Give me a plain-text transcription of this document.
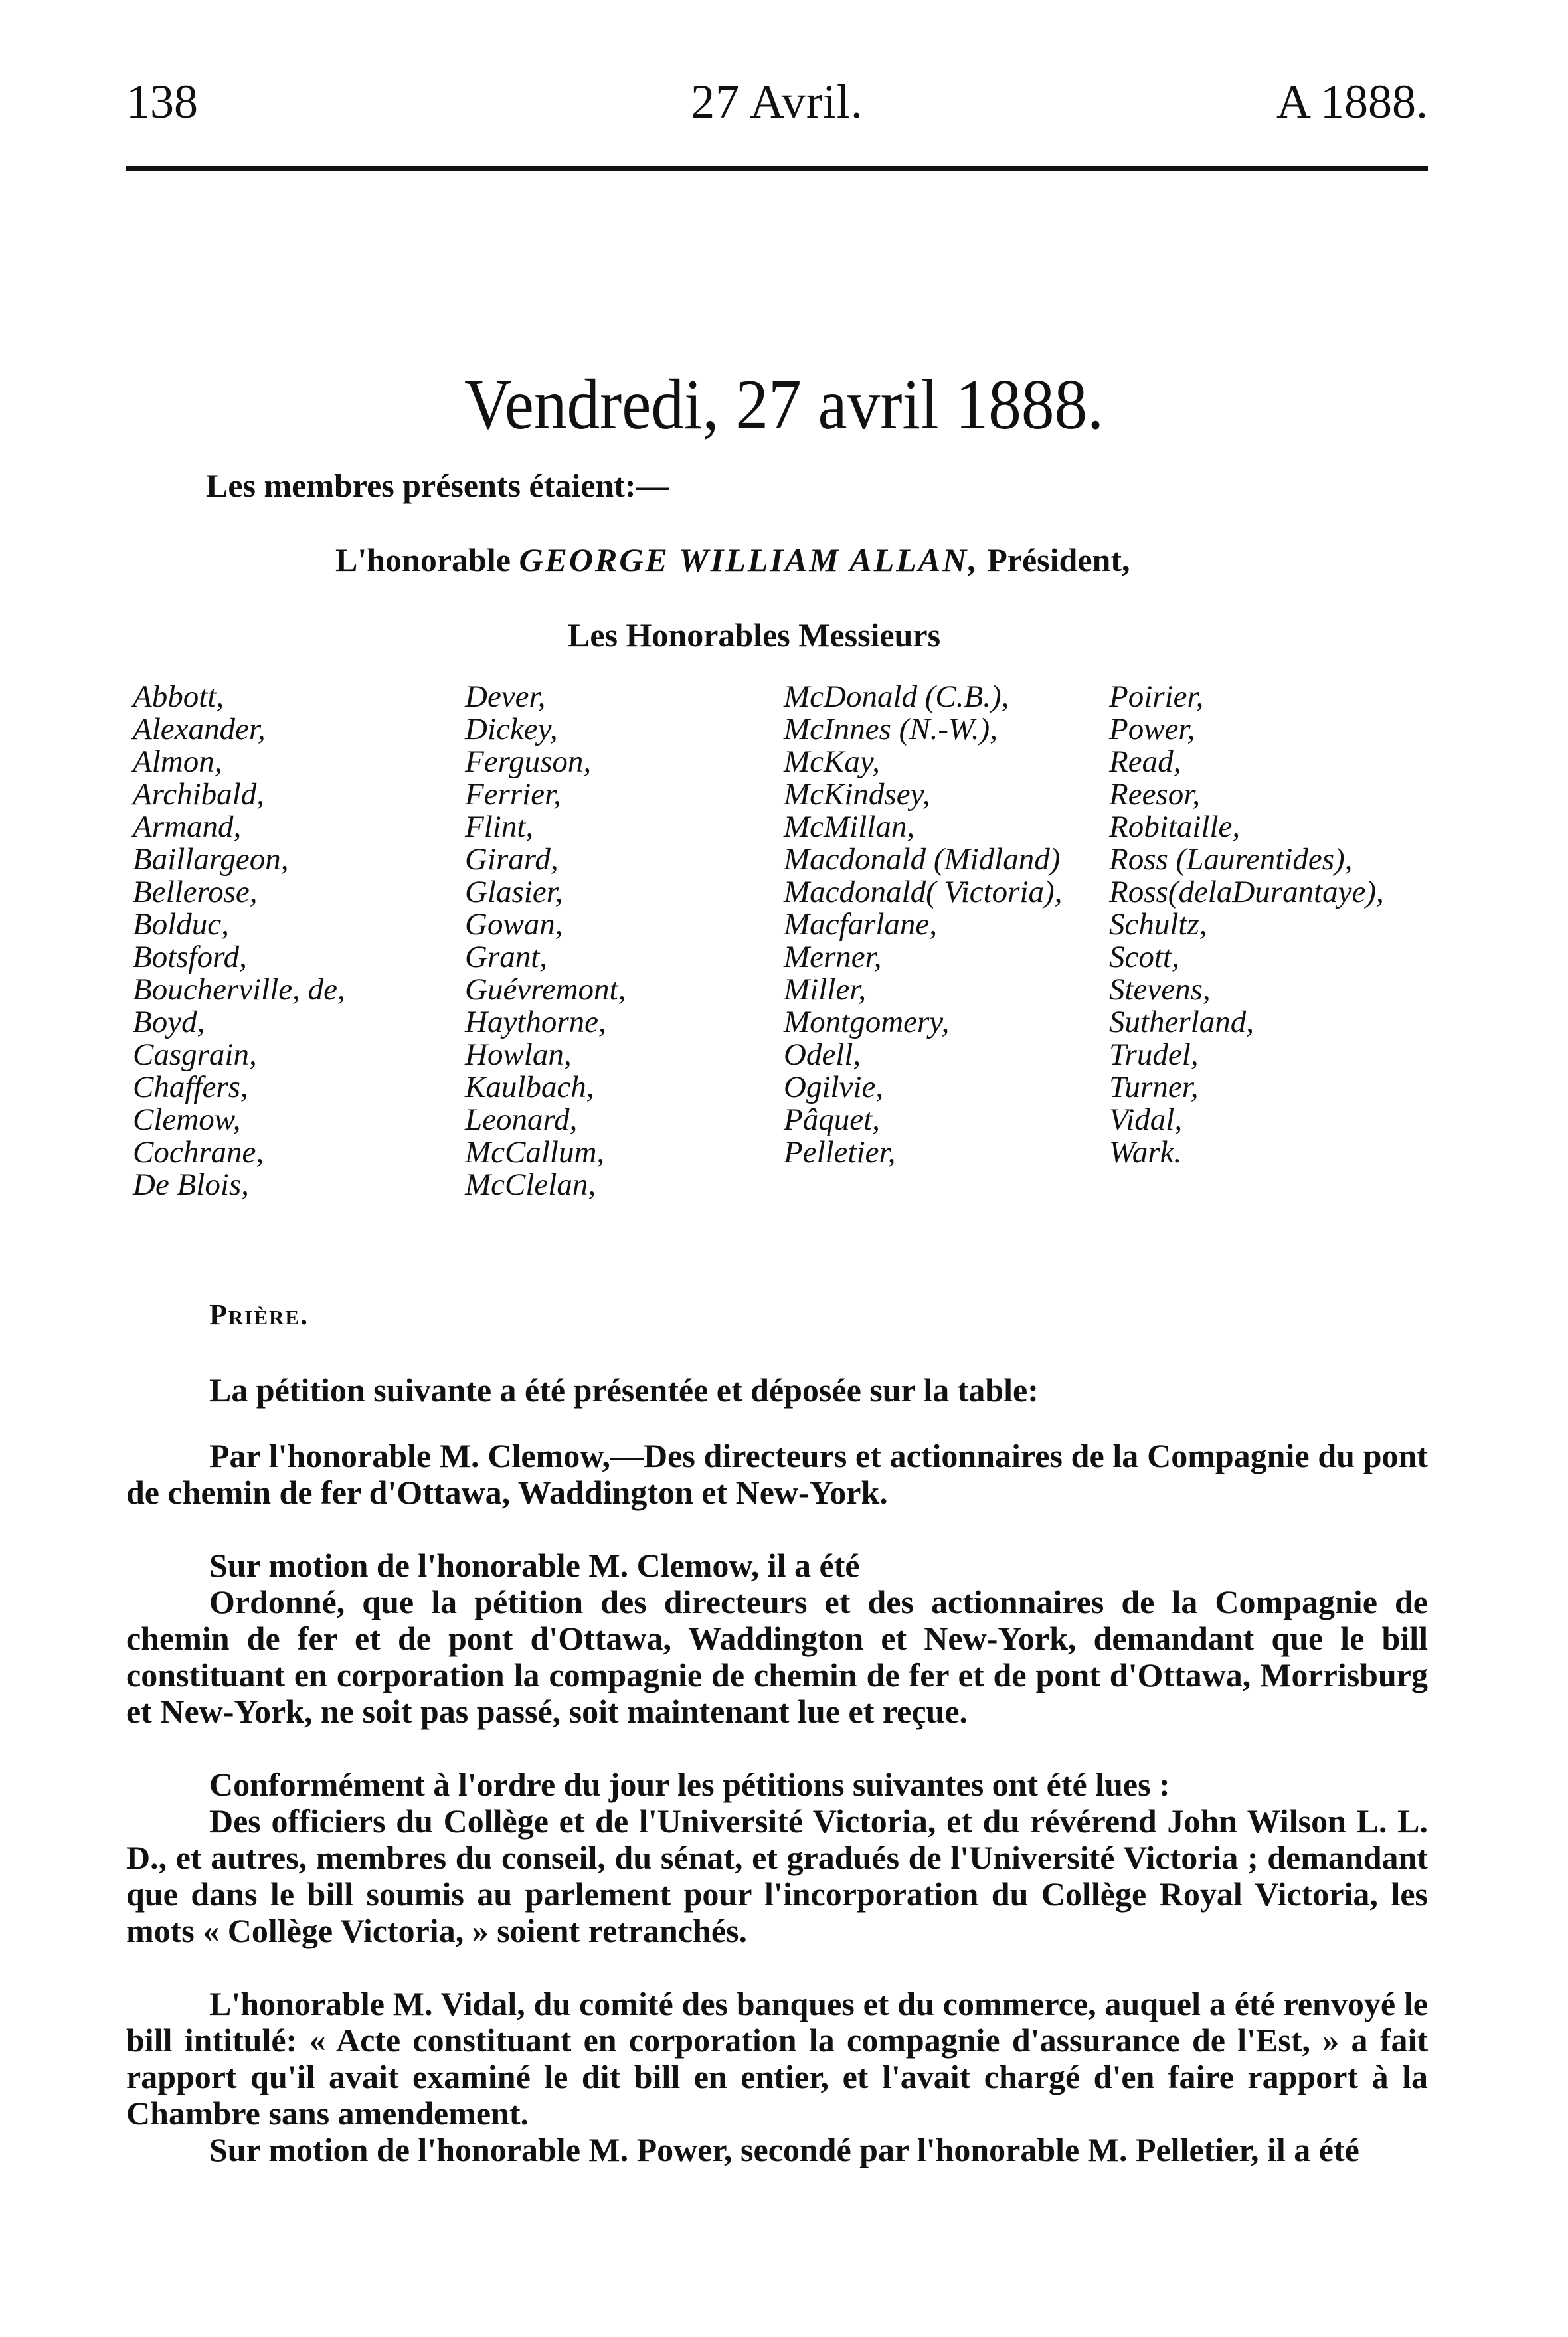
138	27 Avril.	A 1888.
Vendredi, 27 avril 1888.
Les membres présents étaient:—
L'honorable GEORGE WILLIAM ALLAN, Président,
Les Honorables Messieurs
Abbott,
Alexander,
Almon,
Archibald,
Armand,
Baillargeon,
Bellerose,
Bolduc,
Botsford,
Boucherville, de,
Boyd,
Casgrain,
Chaffers,
Clemow,
Cochrane,
De Blois,
Dever,
Dickey,
Ferguson,
Ferrier,
Flint,
Girard,
Glasier,
Gowan,
Grant,
Guévremont,
Haythorne,
Howlan,
Kaulbach,
Leonard,
McCallum,
McClelan,
McDonald (C.B.),
McInnes (N.-W.),
McKay,
McKindsey,
McMillan,
Macdonald (Midland)
Macdonald( Victoria),
Macfarlane,
Merner,
Miller,
Montgomery,
Odell,
Ogilvie,
Pâquet,
Pelletier,
Poirier,
Power,
Read,
Reesor,
Robitaille,
Ross (Laurentides),
Ross(delaDurantaye),
Schultz,
Scott,
Stevens,
Sutherland,
Trudel,
Turner,
Vidal,
Wark.
Prière.
La pétition suivante a été présentée et déposée sur la table:

Par l'honorable M. Clemow,—Des directeurs et actionnaires de la Compagnie du pont de chemin de fer d'Ottawa, Waddington et New-York.

Sur motion de l'honorable M. Clemow, il a été

Ordonné, que la pétition des directeurs et des actionnaires de la Compagnie de chemin de fer et de pont d'Ottawa, Waddington et New-York, demandant que le bill constituant en corporation la compagnie de chemin de fer et de pont d'Ottawa, Morrisburg et New-York, ne soit pas passé, soit maintenant lue et reçue.

Conformément à l'ordre du jour les pétitions suivantes ont été lues :

Des officiers du Collège et de l'Université Victoria, et du révérend John Wilson L. L. D., et autres, membres du conseil, du sénat, et gradués de l'Université Victoria ; demandant que dans le bill soumis au parlement pour l'incorporation du Collège Royal Victoria, les mots « Collège Victoria, » soient retranchés.

L'honorable M. Vidal, du comité des banques et du commerce, auquel a été renvoyé le bill intitulé: « Acte constituant en corporation la compagnie d'assurance de l'Est, » a fait rapport qu'il avait examiné le dit bill en entier, et l'avait chargé d'en faire rapport à la Chambre sans amendement.

Sur motion de l'honorable M. Power, secondé par l'honorable M. Pelletier, il a été
